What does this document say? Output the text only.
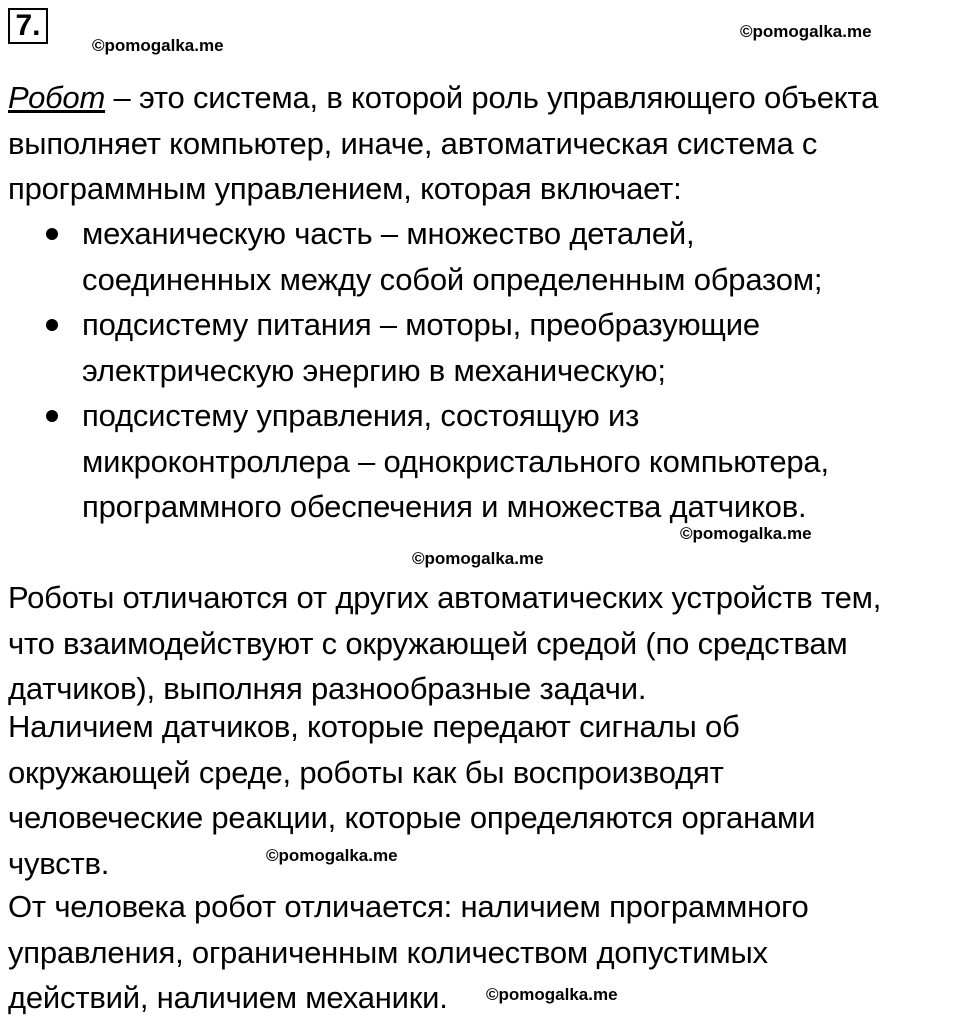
7.
©pomogalka.me
©pomogalka.me
Робот – это система, в которой роль управляющего объекта
выполняет компьютер, иначе, автоматическая система с
программным управлением, которая включает:
механическую часть – множество деталей,
соединенных между собой определенным образом;
подсистему питания – моторы, преобразующие
электрическую энергию в механическую;
подсистему управления, состоящую из
микроконтроллера – однокристального компьютера,
программного обеспечения и множества датчиков.
©pomogalka.me
©pomogalka.me
Роботы отличаются от других автоматических устройств тем,
что взаимодействуют с окружающей средой (по средствам
датчиков), выполняя разнообразные задачи.
Наличием датчиков, которые передают сигналы об
окружающей среде, роботы как бы воспроизводят
человеческие реакции, которые определяются органами
чувств.	©pomogalka.me
От человека робот отличается: наличием программного
управления, ограниченным количеством допустимых
действий, наличием механики.	©pomogalka.me
